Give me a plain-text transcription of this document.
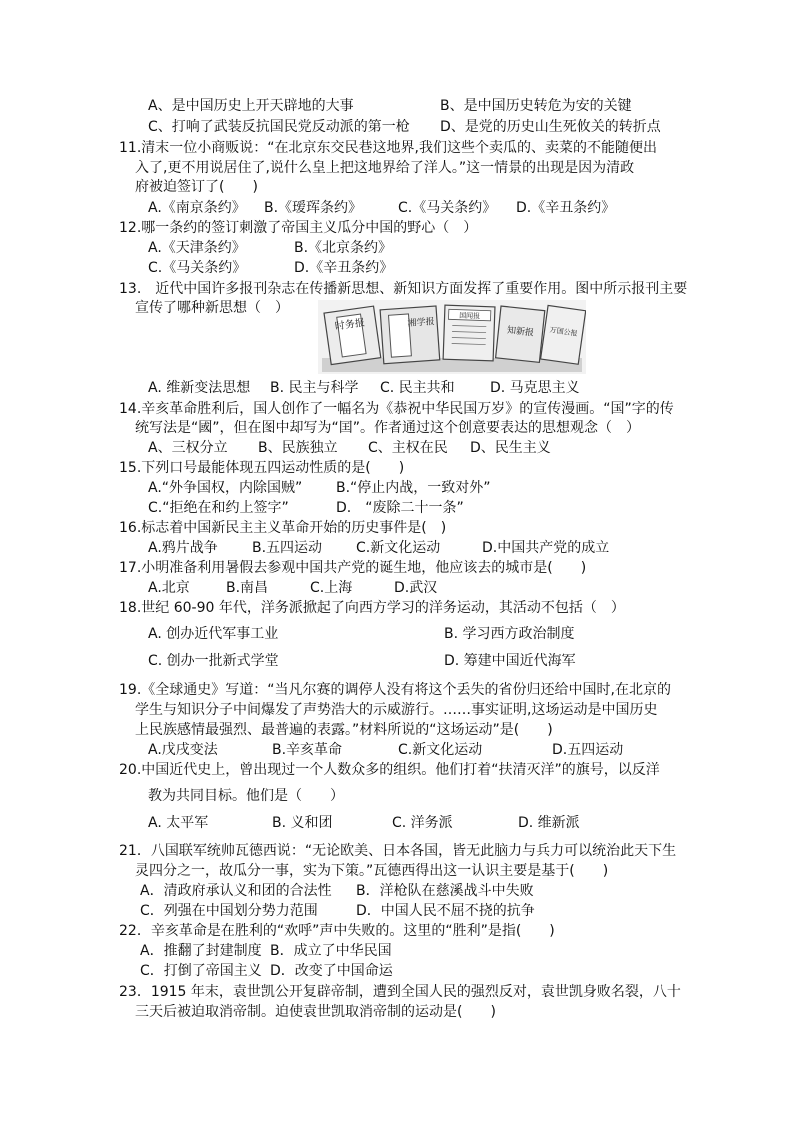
A、是中国历史上开天辟地的大事	B、是中国历史转危为安的关键
C、打响了武装反抗国民党反动派的第一枪 D、是党的历史山生死攸关的转折点
11.清末一位小商贩说：“在北京东交民巷这地界,我们这些个卖瓜的、卖菜的不能随便出
入了,更不用说居住了,说什么皇上把这地界给了洋人。”这一情景的出现是因为清政
府被迫签订了(　　)
A.《南京条约》 B.《瑷珲条约》	C.《马关条约》 D.《辛丑条约》
12.哪一条约的签订刺激了帝国主义瓜分中国的野心（　）
A.《天津条约》	B.《北京条约》
C.《马关条约》	D.《辛丑条约》
13.　近代中国许多报刊杂志在传播新思想、新知识方面发挥了重要作用。图中所示报刊主要
宣传了哪种新思想（　）
时务报	湘学报
国闻报
知新报 万国公报
A. 维新变法思想 B. 民主与科学 C. 民主共和	D. 马克思主义
14.辛亥革命胜利后，国人创作了一幅名为《恭祝中华民国万岁》的宣传漫画。“国”字的传
统写法是“國”，但在图中却写为“囯”。作者通过这个创意要表达的思想观念（　）
A、三权分立 B、民族独立 C、主权在民 D、民生主义
15.下列口号最能体现五四运动性质的是(　　)
A.“外争国权，内除国贼” B.“停止内战，一致对外”
C.“拒绝在和约上签字”	D.　“废除二十一条”
16.标志着中国新民主主义革命开始的历史事件是(　)
A.鸦片战争 B.五四运动 C.新文化运动	D.中国共产党的成立
17.小明准备利用暑假去参观中国共产党的诞生地，他应该去的城市是(　　)
A.北京	B.南昌	C.上海	D.武汉
18.世纪 60-90 年代，洋务派掀起了向西方学习的洋务运动，其活动不包括（　）
A. 创办近代军事工业	B. 学习西方政治制度
C. 创办一批新式学堂	D. 筹建中国近代海军
19.《全球通史》写道：“当凡尔赛的调停人没有将这个丢失的省份归还给中国时,在北京的
学生与知识分子中间爆发了声势浩大的示威游行。……事实证明,这场运动是中国历史
上民族感情最强烈、最普遍的表露。”材料所说的“这场运动”是(　　)
A.戊戌变法	B.辛亥革命	C.新文化运动	D.五四运动
20.中国近代史上，曾出现过一个人数众多的组织。他们打着“扶清灭洋”的旗号，以反洋
教为共同目标。他们是（　　）
A. 太平军	B. 义和团	C. 洋务派	D. 维新派
21．八国联军统帅瓦德西说：“无论欧美、日本各国，皆无此脑力与兵力可以统治此天下生
灵四分之一，故瓜分一事，实为下策。”瓦德西得出这一认识主要是基于(　　)
A．清政府承认义和团的合法性 B．洋枪队在慈溪战斗中失败
C．列强在中国划分势力范围	D．中国人民不屈不挠的抗争
22．辛亥革命是在胜利的“欢呼”声中失败的。这里的“胜利”是指(　　)
A．推翻了封建制度 B．成立了中华民国
C．打倒了帝国主义 D．改变了中国命运
23．1915 年末，袁世凯公开复辟帝制，遭到全国人民的强烈反对，袁世凯身败名裂，八十
三天后被迫取消帝制。迫使袁世凯取消帝制的运动是(　　)
